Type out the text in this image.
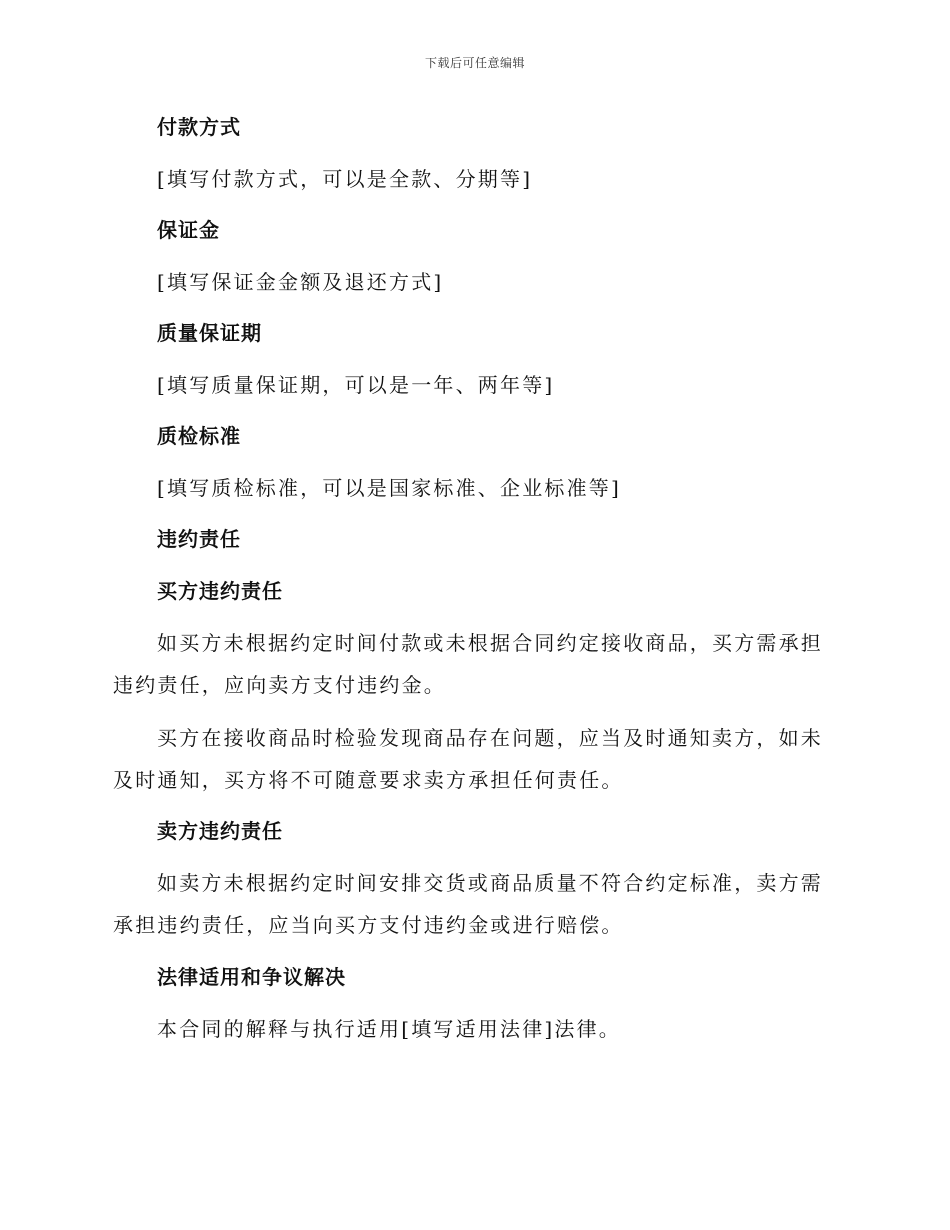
下载后可任意编辑
付款方式
[填写付款方式，可以是全款、分期等]
保证金
[填写保证金金额及退还方式]
质量保证期
[填写质量保证期，可以是一年、两年等]
质检标准
[填写质检标准，可以是国家标准、企业标准等]
违约责任
买方违约责任
如买方未根据约定时间付款或未根据合同约定接收商品，买方需承担违约责任，应向卖方支付违约金。
买方在接收商品时检验发现商品存在问题，应当及时通知卖方，如未及时通知，买方将不可随意要求卖方承担任何责任。
卖方违约责任
如卖方未根据约定时间安排交货或商品质量不符合约定标准，卖方需承担违约责任，应当向买方支付违约金或进行赔偿。
法律适用和争议解决
本合同的解释与执行适用[填写适用法律]法律。
